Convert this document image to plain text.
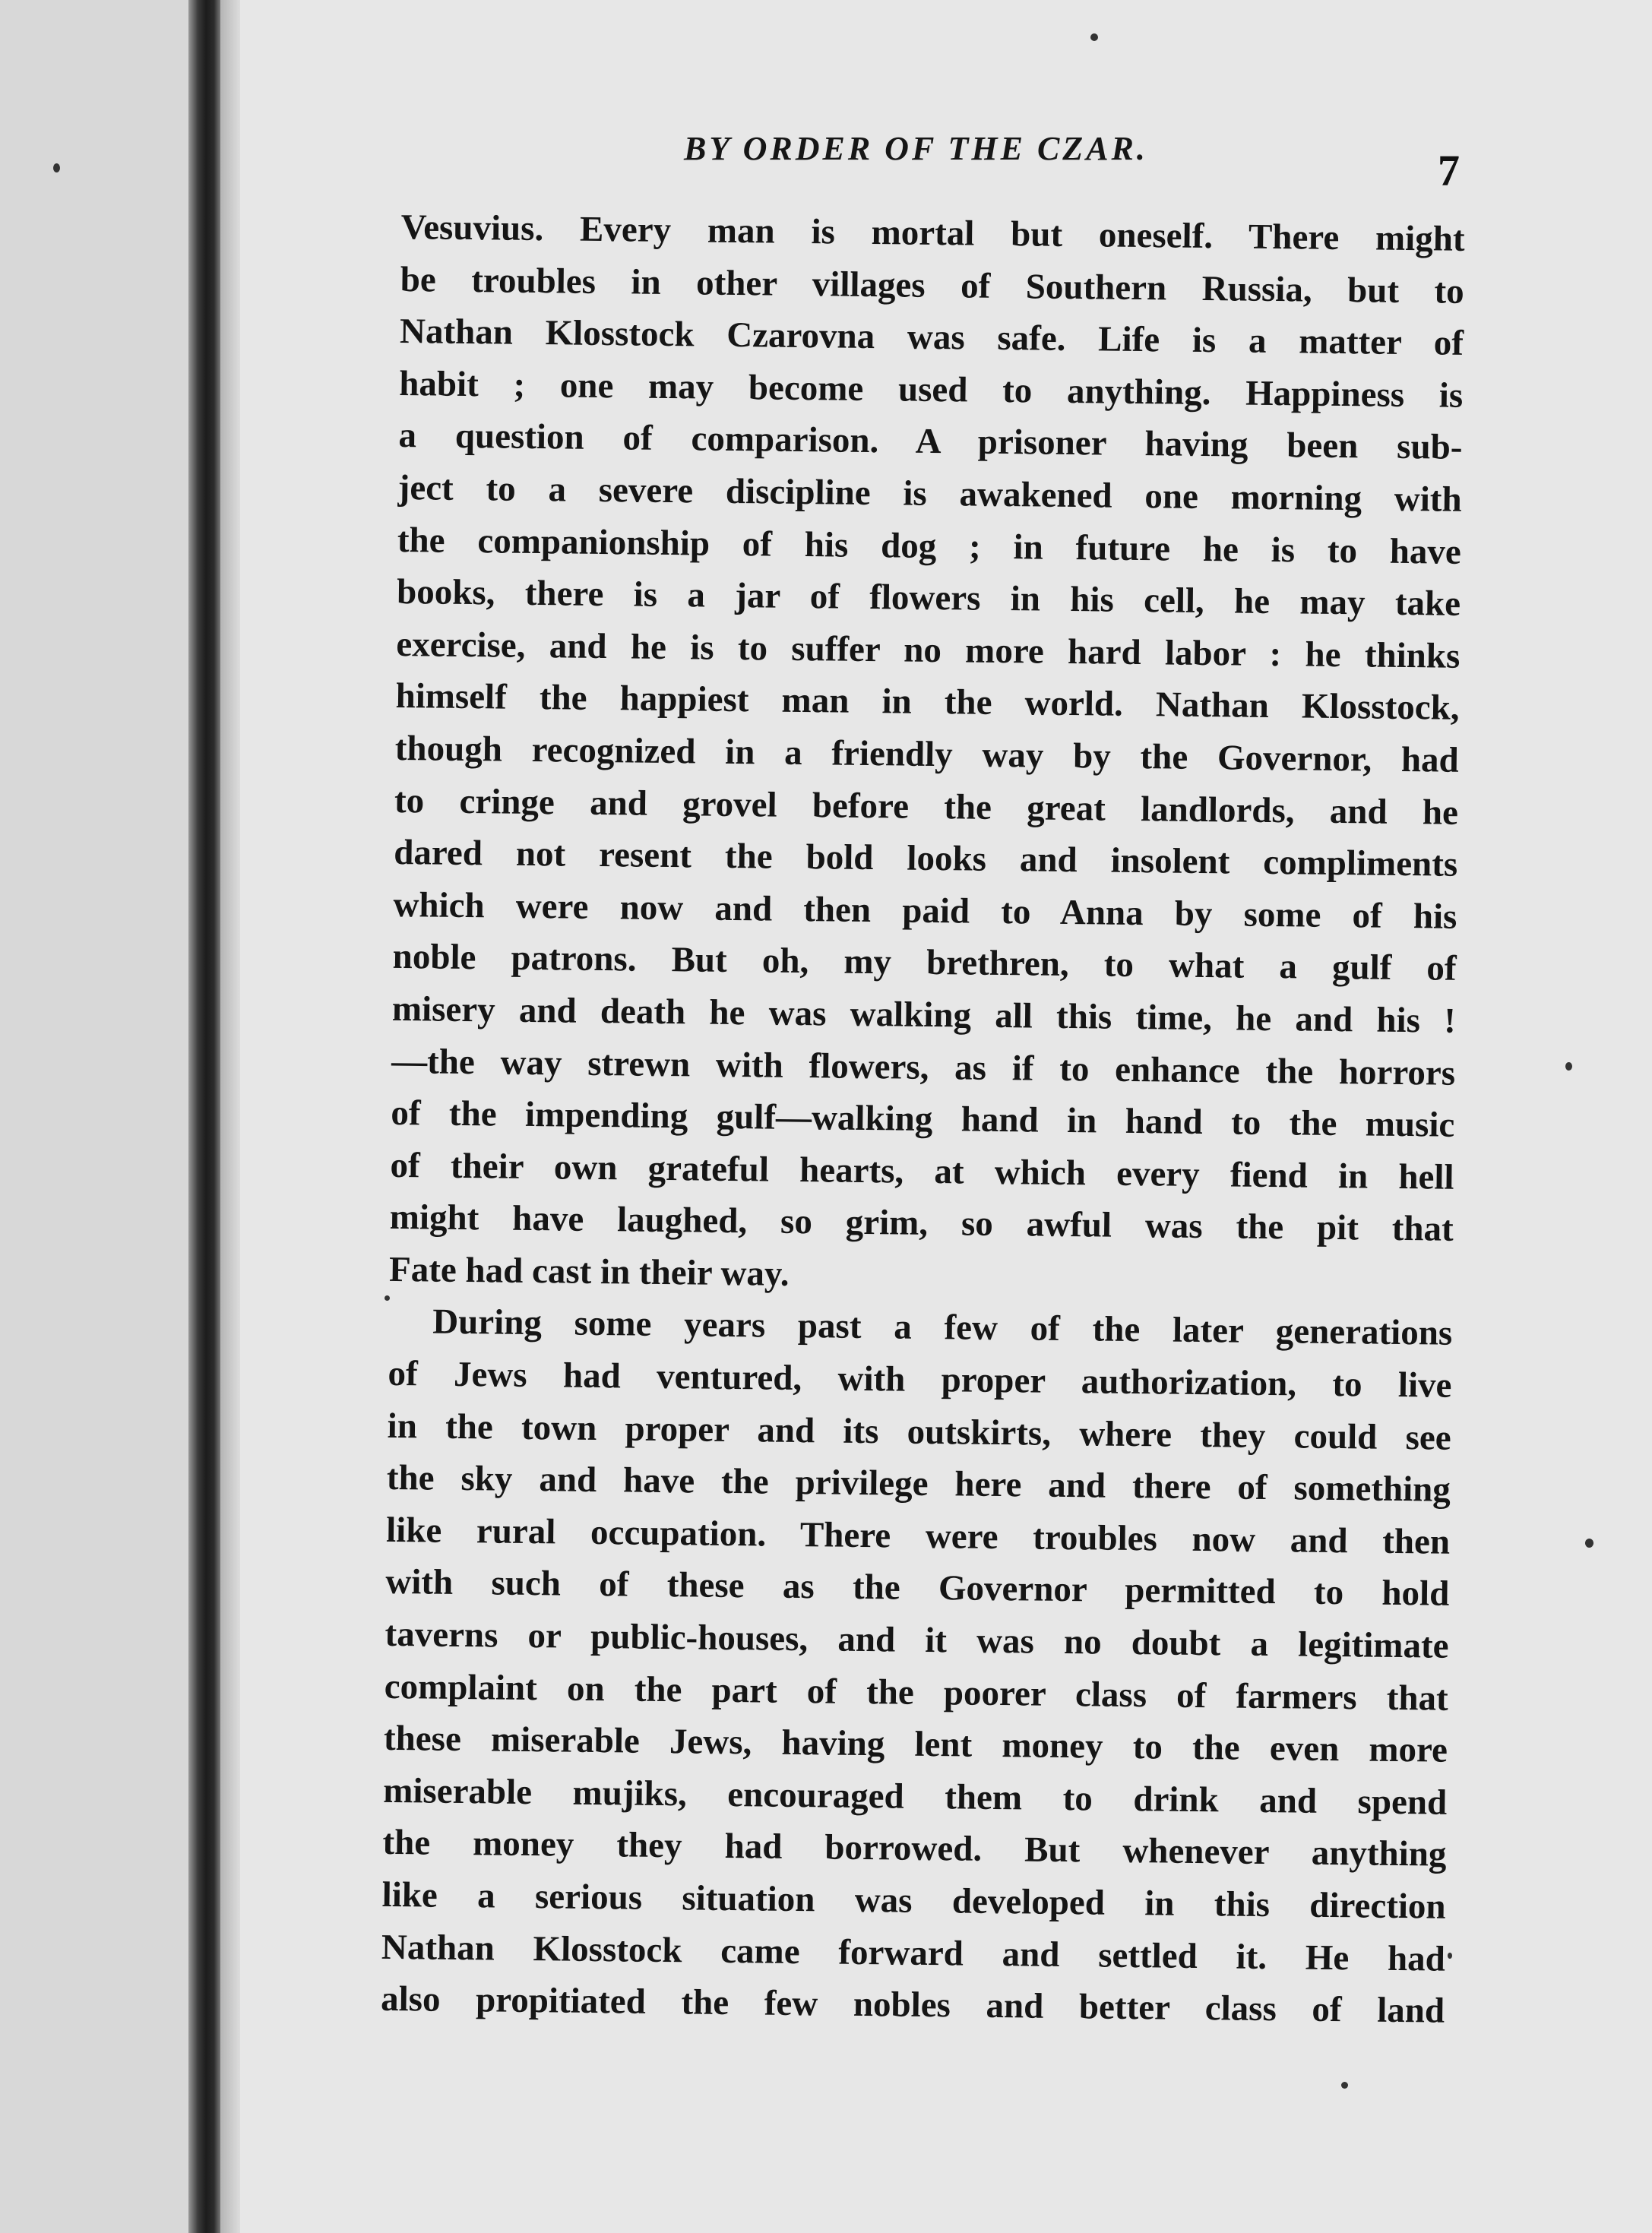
BY ORDER OF THE CZAR.	7
Vesuvius. Every man is mortal but oneself. There might
be troubles in other villages of Southern Russia, but to
Nathan Klosstock Czarovna was safe. Life is a matter of
habit ; one may become used to anything. Happiness is
a question of comparison. A prisoner having been sub-
ject to a severe discipline is awakened one morning with
the companionship of his dog ; in future he is to have
books, there is a jar of flowers in his cell, he may take
exercise, and he is to suffer no more hard labor : he thinks
himself the happiest man in the world. Nathan Klosstock,
though recognized in a friendly way by the Governor, had
to cringe and grovel before the great landlords, and he
dared not resent the bold looks and insolent compliments
which were now and then paid to Anna by some of his
noble patrons. But oh, my brethren, to what a gulf of
misery and death he was walking all this time, he and his !
—the way strewn with flowers, as if to enhance the horrors
of the impending gulf—walking hand in hand to the music
of their own grateful hearts, at which every fiend in hell
might have laughed, so grim, so awful was the pit that
Fate had cast in their way.
During some years past a few of the later generations
of Jews had ventured, with proper authorization, to live
in the town proper and its outskirts, where they could see
the sky and have the privilege here and there of something
like rural occupation. There were troubles now and then
with such of these as the Governor permitted to hold
taverns or public-houses, and it was no doubt a legitimate
complaint on the part of the poorer class of farmers that
these miserable Jews, having lent money to the even more
miserable mujiks, encouraged them to drink and spend
the money they had borrowed. But whenever anything
like a serious situation was developed in this direction
Nathan Klosstock came forward and settled it. He had
also propitiated the few nobles and better class of land
